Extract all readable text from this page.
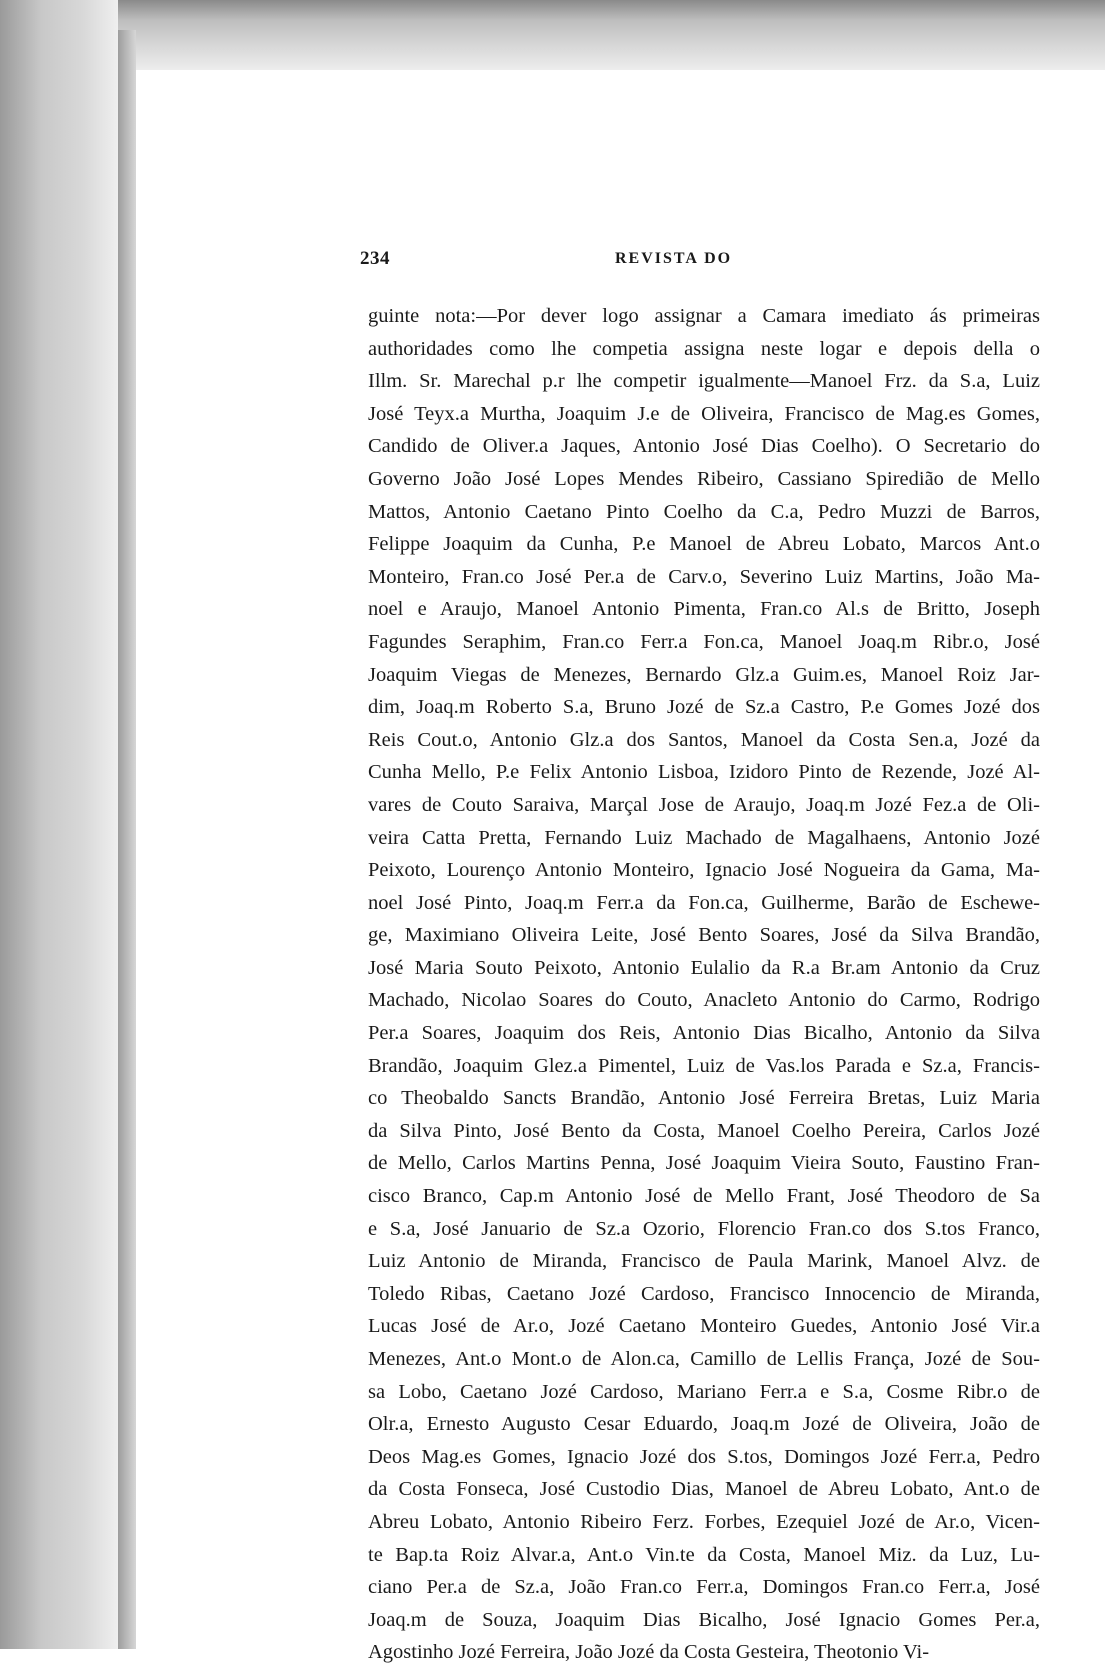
234	REVISTA DO
guinte nota:—Por dever logo assignar a Camara imediato ás primeiras
authoridades como lhe competia assigna neste logar e depois della o
Illm. Sr. Marechal p.r lhe competir igualmente—Manoel Frz. da S.a, Luiz
José Teyx.a Murtha, Joaquim J.e de Oliveira, Francisco de Mag.es Gomes,
Candido de Oliver.a Jaques, Antonio José Dias Coelho). O Secretario do
Governo João José Lopes Mendes Ribeiro, Cassiano Spiredião de Mello
Mattos, Antonio Caetano Pinto Coelho da C.a, Pedro Muzzi de Barros,
Felippe Joaquim da Cunha, P.e Manoel de Abreu Lobato, Marcos Ant.o
Monteiro, Fran.co José Per.a de Carv.o, Severino Luiz Martins, João Ma-
noel e Araujo, Manoel Antonio Pimenta, Fran.co Al.s de Britto, Joseph
Fagundes Seraphim, Fran.co Ferr.a Fon.ca, Manoel Joaq.m Ribr.o, José
Joaquim Viegas de Menezes, Bernardo Glz.a Guim.es, Manoel Roiz Jar-
dim, Joaq.m Roberto S.a, Bruno Jozé de Sz.a Castro, P.e Gomes Jozé dos
Reis Cout.o, Antonio Glz.a dos Santos, Manoel da Costa Sen.a, Jozé da
Cunha Mello, P.e Felix Antonio Lisboa, Izidoro Pinto de Rezende, Jozé Al-
vares de Couto Saraiva, Marçal Jose de Araujo, Joaq.m Jozé Fez.a de Oli-
veira Catta Pretta, Fernando Luiz Machado de Magalhaens, Antonio Jozé
Peixoto, Lourenço Antonio Monteiro, Ignacio José Nogueira da Gama, Ma-
noel José Pinto, Joaq.m Ferr.a da Fon.ca, Guilherme, Barão de Eschewe-
ge, Maximiano Oliveira Leite, José Bento Soares, José da Silva Brandão,
José Maria Souto Peixoto, Antonio Eulalio da R.a Br.am Antonio da Cruz
Machado, Nicolao Soares do Couto, Anacleto Antonio do Carmo, Rodrigo
Per.a Soares, Joaquim dos Reis, Antonio Dias Bicalho, Antonio da Silva
Brandão, Joaquim Glez.a Pimentel, Luiz de Vas.los Parada e Sz.a, Francis-
co Theobaldo Sancts Brandão, Antonio José Ferreira Bretas, Luiz Maria
da Silva Pinto, José Bento da Costa, Manoel Coelho Pereira, Carlos Jozé
de Mello, Carlos Martins Penna, José Joaquim Vieira Souto, Faustino Fran-
cisco Branco, Cap.m Antonio José de Mello Frant, José Theodoro de Sa
e S.a, José Januario de Sz.a Ozorio, Florencio Fran.co dos S.tos Franco,
Luiz Antonio de Miranda, Francisco de Paula Marink, Manoel Alvz. de
Toledo Ribas, Caetano Jozé Cardoso, Francisco Innocencio de Miranda,
Lucas José de Ar.o, Jozé Caetano Monteiro Guedes, Antonio José Vir.a
Menezes, Ant.o Mont.o de Alon.ca, Camillo de Lellis França, Jozé de Sou-
sa Lobo, Caetano Jozé Cardoso, Mariano Ferr.a e S.a, Cosme Ribr.o de
Olr.a, Ernesto Augusto Cesar Eduardo, Joaq.m Jozé de Oliveira, João de
Deos Mag.es Gomes, Ignacio Jozé dos S.tos, Domingos Jozé Ferr.a, Pedro
da Costa Fonseca, José Custodio Dias, Manoel de Abreu Lobato, Ant.o de
Abreu Lobato, Antonio Ribeiro Ferz. Forbes, Ezequiel Jozé de Ar.o, Vicen-
te Bap.ta Roiz Alvar.a, Ant.o Vin.te da Costa, Manoel Miz. da Luz, Lu-
ciano Per.a de Sz.a, João Fran.co Ferr.a, Domingos Fran.co Ferr.a, José
Joaq.m de Souza, Joaquim Dias Bicalho, José Ignacio Gomes Per.a,
Agostinho Jozé Ferreira, João Jozé da Costa Gesteira, Theotonio Vi-
